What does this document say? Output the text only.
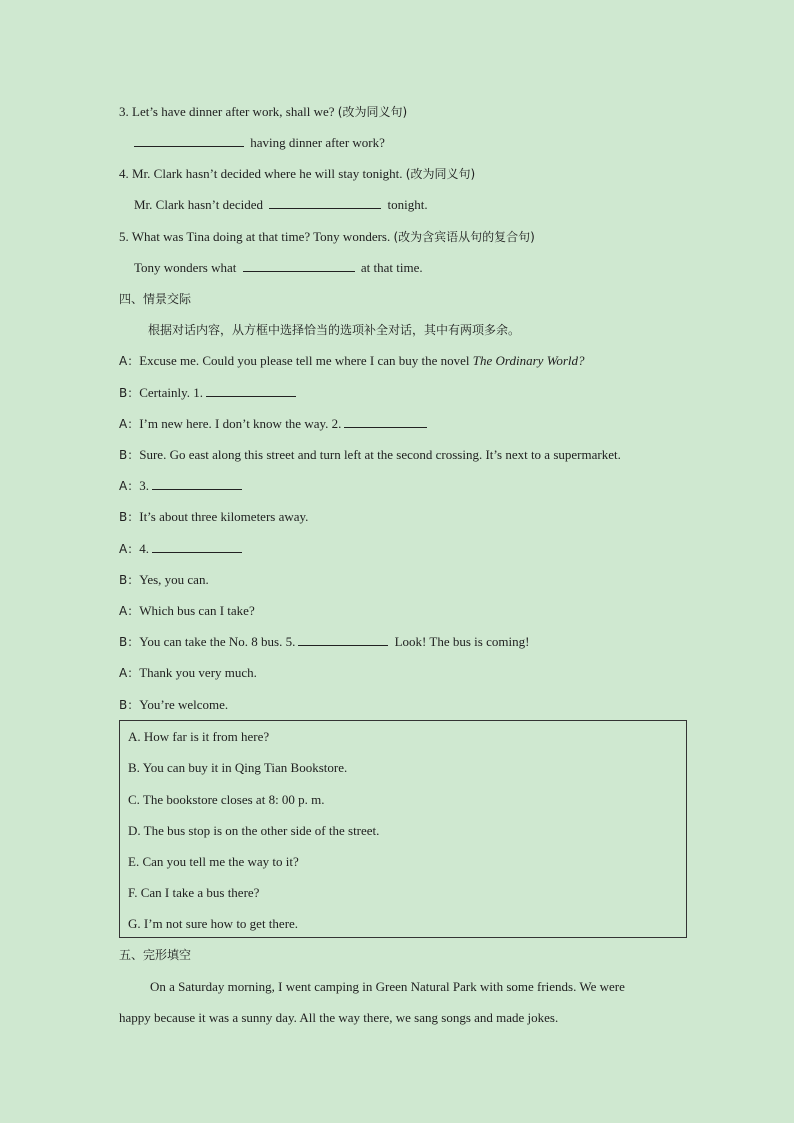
3. Let’s have dinner after work, shall we? (改为同义句)
having dinner after work?
4. Mr. Clark hasn’t decided where he will stay tonight. (改为同义句)
Mr. Clark hasn’t decided	tonight.
5. What was Tina doing at that time? Tony wonders. (改为含宾语从句的复合句)
Tony wonders what	at that time.
四、情景交际
根据对话内容，从方框中选择恰当的选项补全对话，其中有两项多余。
A：Excuse me. Could you please tell me where I can buy the novel The Ordinary World?
B：Certainly. 1.
A：I’m new here. I don’t know the way. 2.
B：Sure. Go east along this street and turn left at the second crossing. It’s next to a supermarket.
A：3.
B：It’s about three kilometers away.
A：4.
B：Yes, you can.
A：Which bus can I take?
B：You can take the No. 8 bus. 5.	Look! The bus is coming!
A：Thank you very much.
B：You’re welcome.
A. How far is it from here?
B. You can buy it in Qing Tian Bookstore.
C. The bookstore closes at 8: 00 p. m.
D. The bus stop is on the other side of the street.
E. Can you tell me the way to it?
F. Can I take a bus there?
G. I’m not sure how to get there.
五、完形填空
On a Saturday morning, I went camping in Green Natural Park with some friends. We were
happy because it was a sunny day. All the way there, we sang songs and made jokes.
